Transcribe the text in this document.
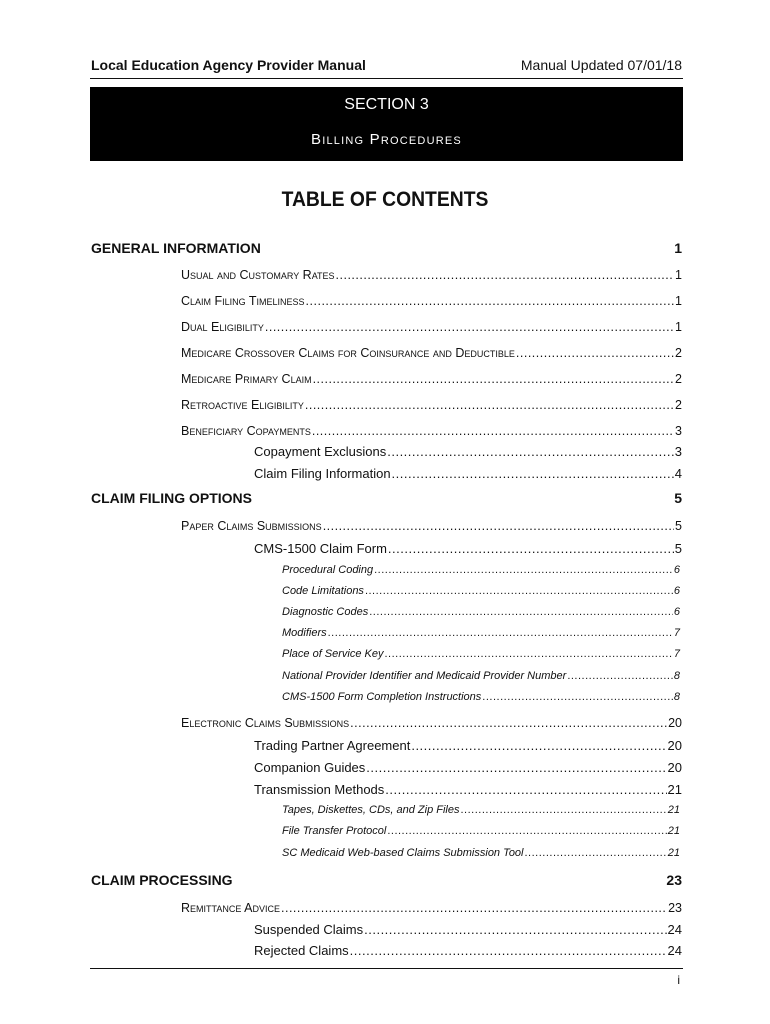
Local Education Agency Provider Manual	Manual Updated 07/01/18
SECTION 3
Billing Procedures
TABLE OF CONTENTS
GENERAL INFORMATION	1
Usual and Customary Rates .....	1
Claim Filing Timeliness .....	1
Dual Eligibility .....	1
Medicare Crossover Claims for Coinsurance and Deductible .....	2
Medicare Primary Claim .....	2
Retroactive Eligibility .....	2
Beneficiary Copayments .....	3
Copayment Exclusions .....	3
Claim Filing Information .....	4
CLAIM FILING OPTIONS	5
Paper Claims Submissions .....	5
CMS-1500 Claim Form .....	5
Procedural Coding .....	6
Code Limitations .....	6
Diagnostic Codes .....	6
Modifiers .....	7
Place of Service Key .....	7
National Provider Identifier and Medicaid Provider Number .....	8
CMS-1500 Form Completion Instructions .....	8
Electronic Claims Submissions .....	20
Trading Partner Agreement .....	20
Companion Guides .....	20
Transmission Methods .....	21
Tapes, Diskettes, CDs, and Zip Files .....	21
File Transfer Protocol .....	21
SC Medicaid Web-based Claims Submission Tool .....	21
CLAIM PROCESSING	23
Remittance Advice .....	23
Suspended Claims .....	24
Rejected Claims .....	24
i
